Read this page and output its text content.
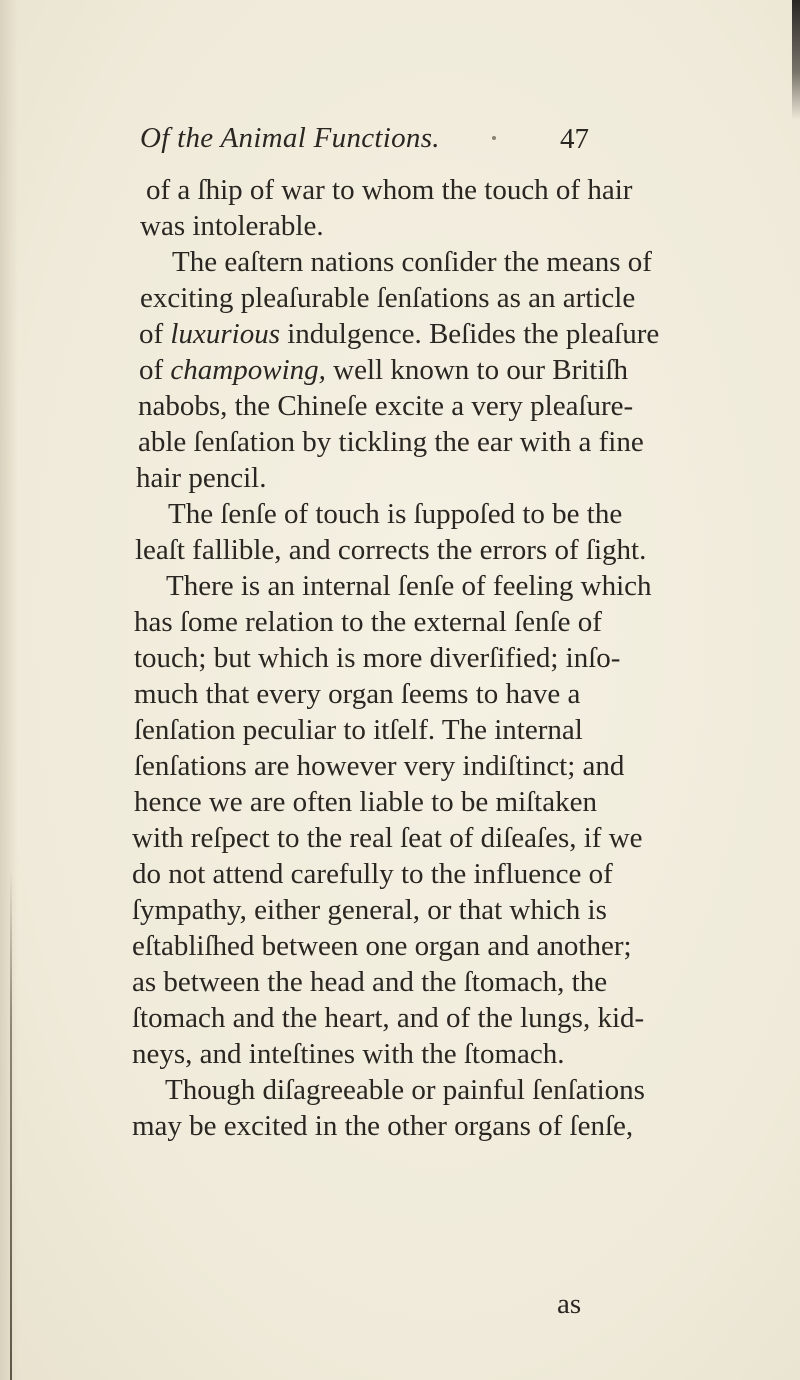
Of the Animal Functions.	47
of a ſhip of war to whom the touch of hair
was intolerable.
The eaſtern nations conſider the means of
exciting pleaſurable ſenſations as an article
of luxurious indulgence. Beſides the pleaſure
of champowing, well known to our Britiſh
nabobs, the Chineſe excite a very pleaſure-
able ſenſation by tickling the ear with a fine
hair pencil.
The ſenſe of touch is ſuppoſed to be the
leaſt fallible, and corrects the errors of ſight.
There is an internal ſenſe of feeling which
has ſome relation to the external ſenſe of
touch; but which is more diverſified; inſo-
much that every organ ſeems to have a
ſenſation peculiar to itſelf. The internal
ſenſations are however very indiſtinct; and
hence we are often liable to be miſtaken
with reſpect to the real ſeat of diſeaſes, if we
do not attend carefully to the influence of
ſympathy, either general, or that which is
eſtabliſhed between one organ and another;
as between the head and the ſtomach, the
ſtomach and the heart, and of the lungs, kid-
neys, and inteſtines with the ſtomach.
Though diſagreeable or painful ſenſations
may be excited in the other organs of ſenſe,
as
